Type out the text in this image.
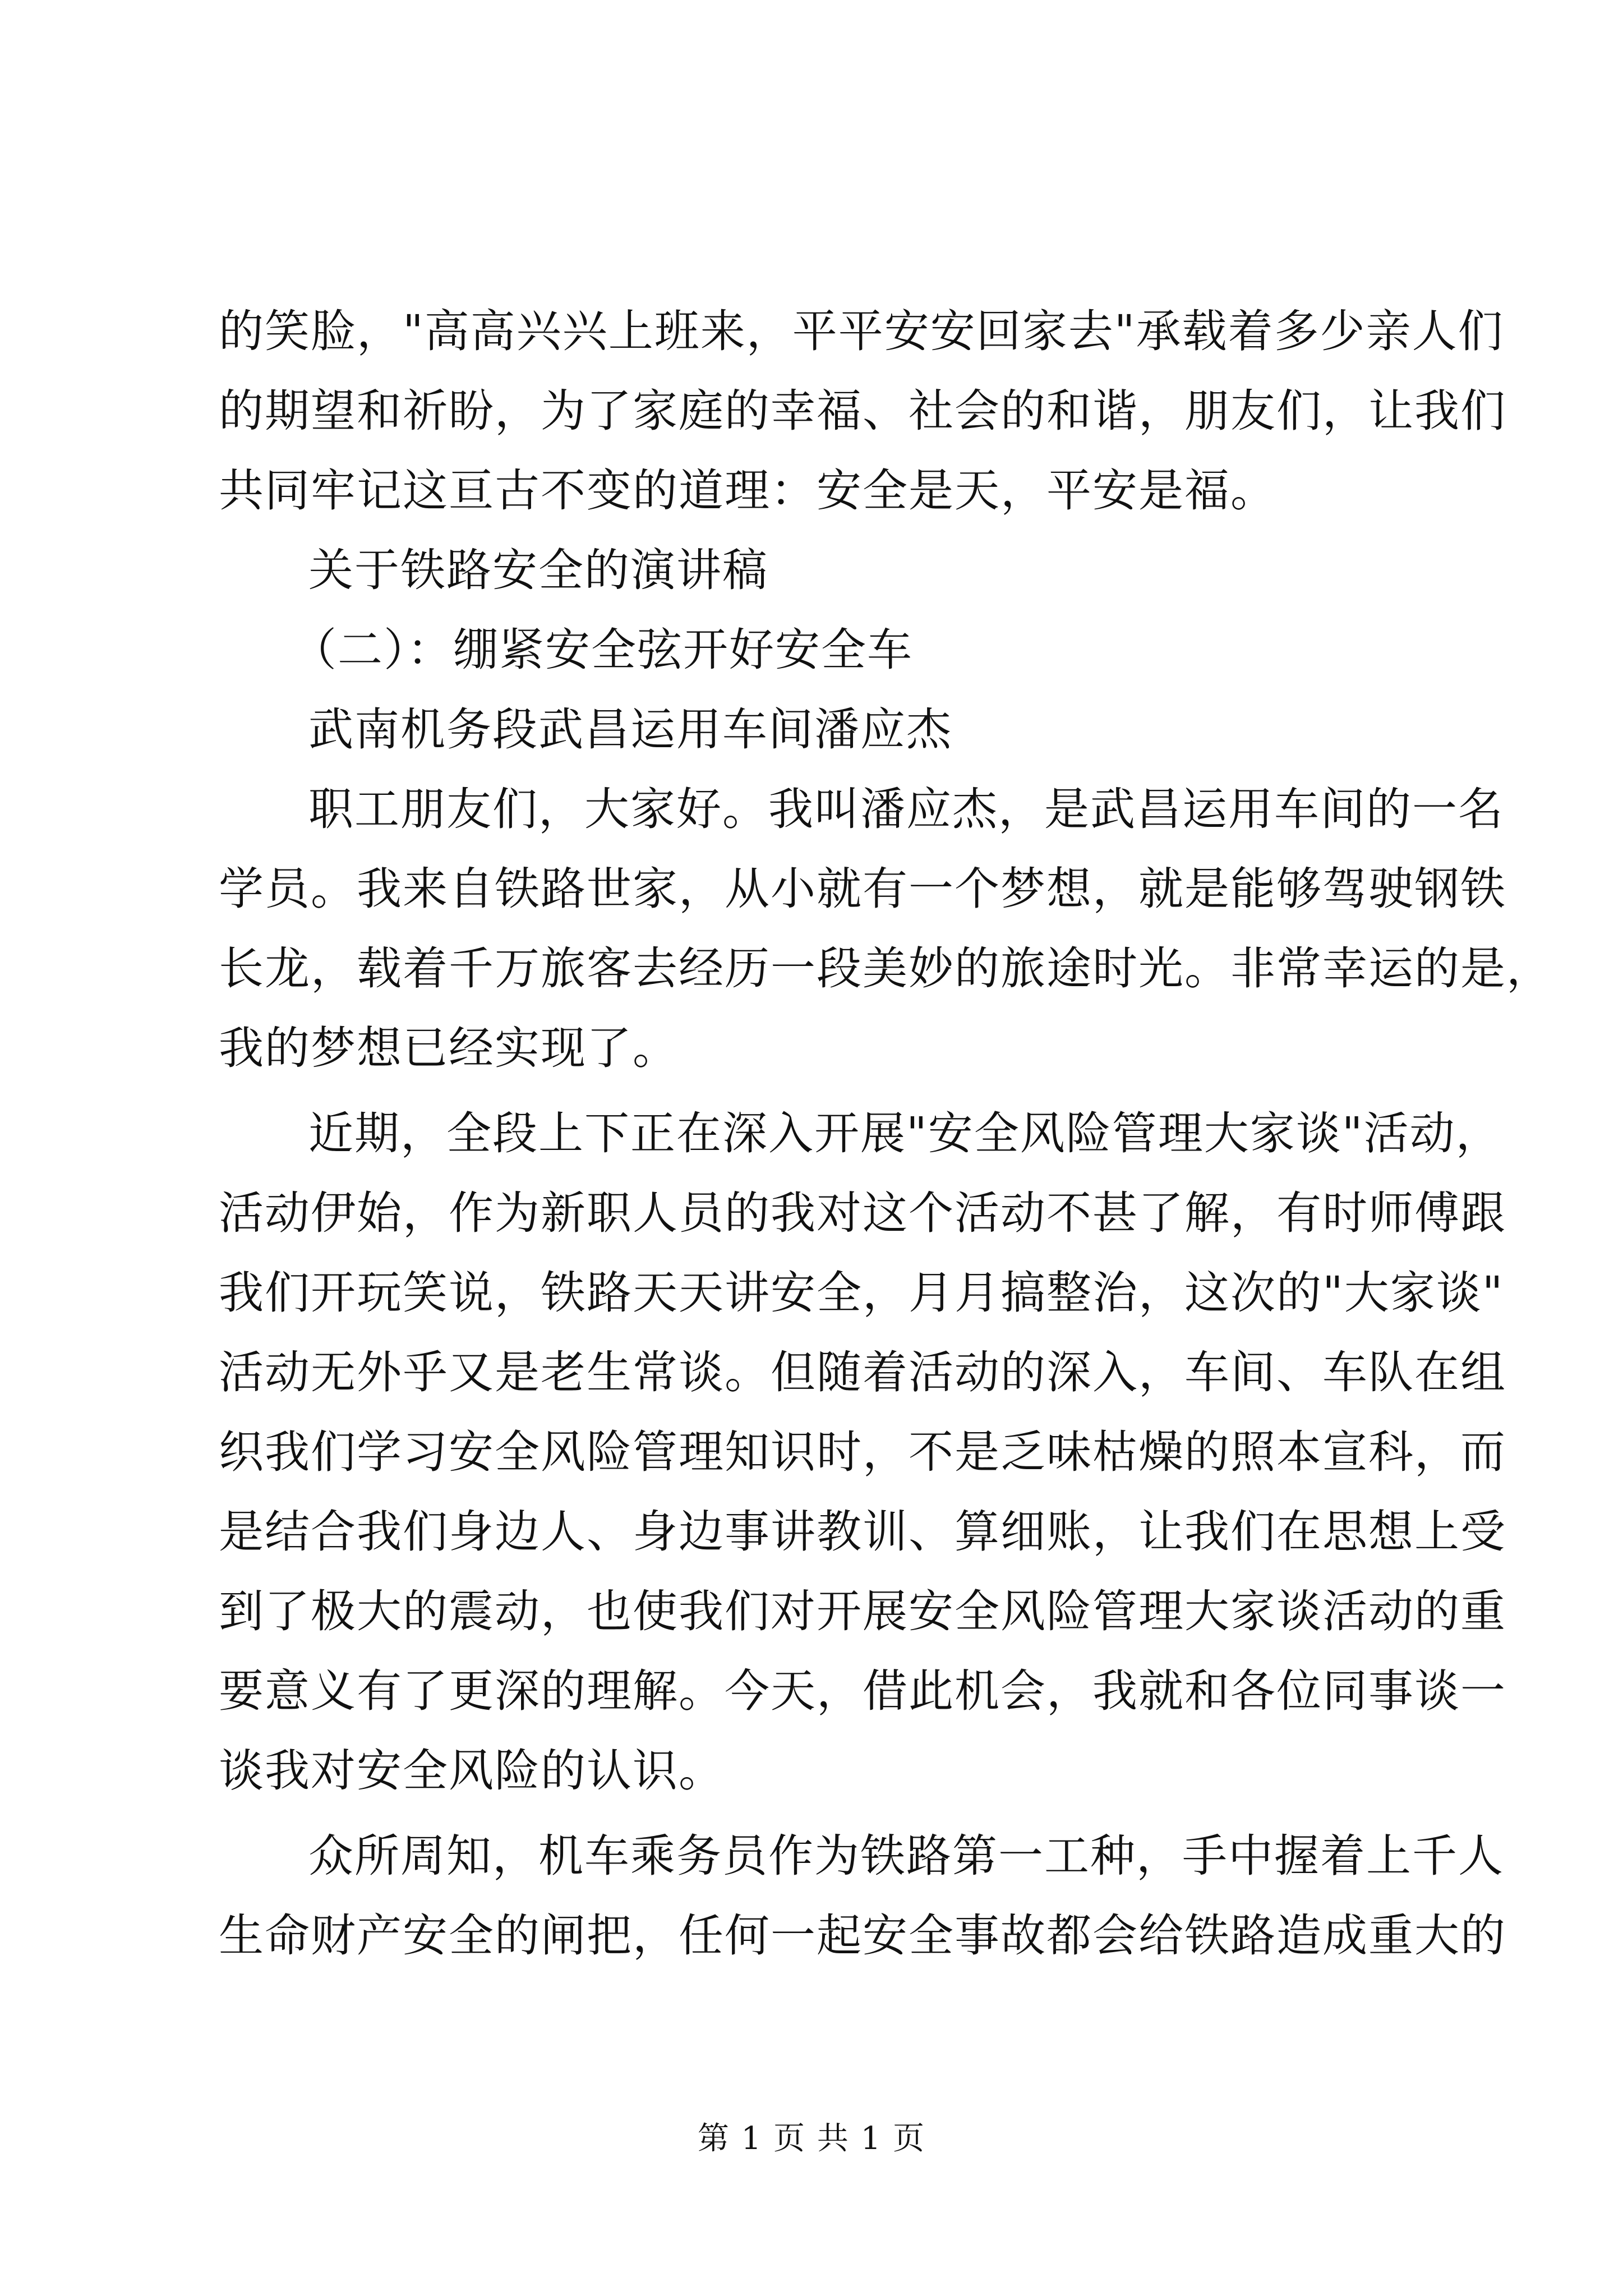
的笑脸，"高高兴兴上班来，平平安安回家去"承载着多少亲人们
的期望和祈盼，为了家庭的幸福、社会的和谐，朋友们，让我们
共同牢记这亘古不变的道理：安全是天，平安是福。
关于铁路安全的演讲稿
（二）：绷紧安全弦开好安全车
武南机务段武昌运用车间潘应杰
职工朋友们，大家好。我叫潘应杰，是武昌运用车间的一名
学员。我来自铁路世家，从小就有一个梦想，就是能够驾驶钢铁
长龙，载着千万旅客去经历一段美妙的旅途时光。非常幸运的是，
我的梦想已经实现了。
近期，全段上下正在深入开展"安全风险管理大家谈"活动，
活动伊始，作为新职人员的我对这个活动不甚了解，有时师傅跟
我们开玩笑说，铁路天天讲安全，月月搞整治，这次的"大家谈"
活动无外乎又是老生常谈。但随着活动的深入，车间、车队在组
织我们学习安全风险管理知识时，不是乏味枯燥的照本宣科，而
是结合我们身边人、身边事讲教训、算细账，让我们在思想上受
到了极大的震动，也使我们对开展安全风险管理大家谈活动的重
要意义有了更深的理解。今天，借此机会，我就和各位同事谈一
谈我对安全风险的认识。
众所周知，机车乘务员作为铁路第一工种，手中握着上千人
生命财产安全的闸把，任何一起安全事故都会给铁路造成重大的
第 1 页 共 1 页
